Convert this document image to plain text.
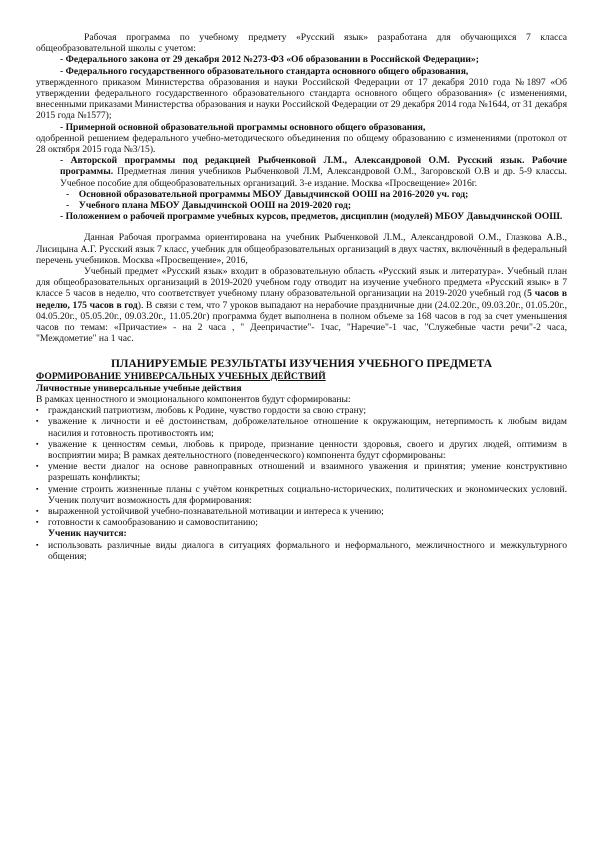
Рабочая программа по учебному предмету «Русский язык» разработана для обучающихся 7 класса общеобразовательной школы с учетом:

- Федерального закона от 29 декабря 2012 №273-ФЗ «Об образовании в Российской Федерации»;

- Федерального государственного образовательного стандарта основного общего образования,

утвержденного приказом Министерства образования и науки Российской Федерации от 17 декабря 2010 года №1897 «Об утверждении федерального государственного образовательного стандарта основного общего образования» (с изменениями, внесенными приказами Министерства образования и науки Российской Федерации от 29 декабря 2014 года №1644, от 31 декабря 2015 года №1577);

- Примерной основной образовательной программы основного общего образования,

одобренной решением федерального учебно-методического объединения по общему образованию с изменениями (протокол от 28 октября 2015 года №3/15).

- Авторской программы под редакцией Рыбченковой Л.М., Александровой О.М. Русский язык. Рабочие программы. Предметная линия учебников Рыбченковой Л.М, Александровой О.М., Загоровской О.В и др. 5-9 классы. Учебное пособие для общеобразовательных организаций. 3-е издание. Москва «Просвещение» 2016г.

-    Основной образовательной программы МБОУ Давыдчинской ООШ на 2016-2020 уч. год;

-    Учебного плана МБОУ Давыдчинской ООШ на 2019-2020 год;

- Положением о рабочей программе учебных курсов, предметов, дисциплин (модулей) МБОУ Давыдчинской ООШ.

Данная Рабочая программа ориентирована на учебник Рыбченковой Л.М., Александровой О.М., Глазкова А.В., Лисицына А.Г. Русский язык 7 класс, учебник для общеобразовательных организаций в двух частях, включённый в федеральный перечень учебников. Москва «Просвещение», 2016,

Учебный предмет «Русский язык» входит в образовательную область «Русский язык и литература». Учебный план для общеобразовательных организаций в 2019-2020 учебном году отводит на изучение учебного предмета «Русский язык» в 7 классе 5 часов в неделю, что соответствует учебному плану образовательной организации на 2019-2020 учебный год (5 часов в неделю, 175 часов в год). В связи с тем, что 7 уроков выпадают на нерабочие праздничные дни (24.02.20г., 09.03.20г., 01.05.20г., 04.05.20г., 05.05.20г., 09.03.20г., 11.05.20г) программа будет выполнена в полном объеме за 168 часов в год за счет уменьшения часов по темам: «Причастие» - на 2 часа , " Деепричастие"- 1час, "Наречие"-1 час, "Служебные части речи"-2 часа, "Междометие" на 1 час.

ПЛАНИРУЕМЫЕ РЕЗУЛЬТАТЫ ИЗУЧЕНИЯ УЧЕБНОГО ПРЕДМЕТА

ФОРМИРОВАНИЕ УНИВЕРСАЛЬНЫХ УЧЕБНЫХ ДЕЙСТВИЙ

Личностные универсальные учебные действия

В рамках ценностного и эмоционального компонентов будут сформированы:

▪ гражданский патриотизм, любовь к Родине, чувство гордости за свою страну;
▪ уважение к личности и её достоинствам, доброжелательное отношение к окружающим, нетерпимость к любым видам насилия и готовность противостоять им;
▪ уважение к ценностям семьи, любовь к природе, признание ценности здоровья, своего и других людей, оптимизм в восприятии мира; В рамках деятельностного (поведенческого) компонента будут сформированы:
▪ умение вести диалог на основе равноправных отношений и взаимного уважения и принятия; умение конструктивно разрешать конфликты;
▪ умение строить жизненные планы с учётом конкретных социально-исторических, политических и экономических условий. Ученик получит возможность для формирования:
▪ выраженной устойчивой учебно-познавательной мотивации и интереса к учению;
▪ готовности к самообразованию и самовоспитанию;

Ученик научится:

▪ использовать различные виды диалога в ситуациях формального и неформального, межличностного и межкультурного общения;
